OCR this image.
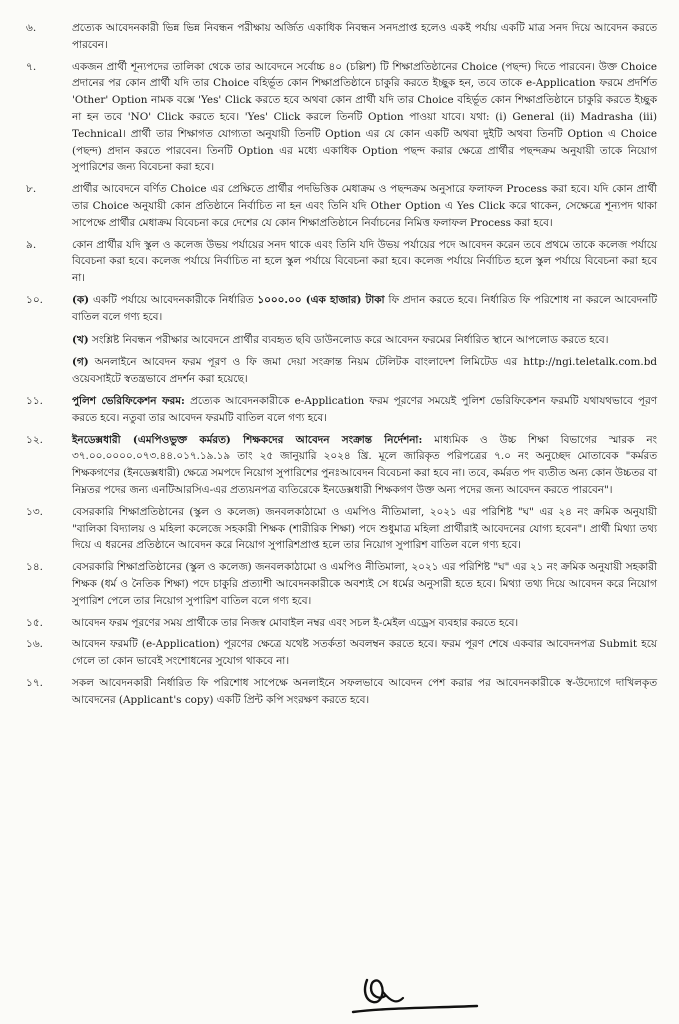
৬.	প্রত্যেক আবেদনকারী ভিন্ন ভিন্ন নিবন্ধন পরীক্ষায় অর্জিত একাধিক নিবন্ধন সনদপ্রাপ্ত হলেও একই পর্যায় একটি মাত্র সনদ দিয়ে আবেদন করতে পারবেন।
৭.	একজন প্রার্থী শূন্যপদের তালিকা থেকে তার আবেদনে সর্বোচ্চ ৪০ (চল্লিশ) টি শিক্ষাপ্রতিষ্ঠানের Choice (পছন্দ) দিতে পারবেন। উক্ত Choice প্রদানের পর কোন প্রার্থী যদি তার Choice বহির্ভূত কোন শিক্ষাপ্রতিষ্ঠানে চাকুরি করতে ইচ্ছুক হন, তবে তাকে e-Application ফরমে প্রদর্শিত 'Other' Option নামক বক্সে 'Yes' Click করতে হবে অথবা কোন প্রার্থী যদি তার Choice বহির্ভূত কোন শিক্ষাপ্রতিষ্ঠানে চাকুরি করতে ইচ্ছুক না হন তবে 'NO' Click করতে হবে। 'Yes' Click করলে তিনটি Option পাওয়া যাবে। যথা: (i) General (ii) Madrasha (iii) Technical। প্রার্থী তার শিক্ষাগত যোগ্যতা অনুযায়ী তিনটি Option এর যে কোন একটি অথবা দুইটি অথবা তিনটি Option এ Choice (পছন্দ) প্রদান করতে পারবেন। তিনটি Option এর মধ্যে একাধিক Option পছন্দ করার ক্ষেত্রে প্রার্থীর পছন্দক্রম অনুযায়ী তাকে নিয়োগ সুপারিশের জন্য বিবেচনা করা হবে।
৮.	প্রার্থীর আবেদনে বর্ণিত Choice এর প্রেক্ষিতে প্রার্থীর পদভিত্তিক মেধাক্রম ও পছন্দক্রম অনুসারে ফলাফল Process করা হবে। যদি কোন প্রার্থী তার Choice অনুযায়ী কোন প্রতিষ্ঠানে নির্বাচিত না হন এবং তিনি যদি Other Option এ Yes Click করে থাকেন, সেক্ষেত্রে শূন্যপদ থাকা সাপেক্ষে প্রার্থীর মেধাক্রম বিবেচনা করে দেশের যে কোন শিক্ষাপ্রতিষ্ঠানে নির্বাচনের নিমিত্ত ফলাফল Process করা হবে।
৯.	কোন প্রার্থীর যদি স্কুল ও কলেজ উভয় পর্যায়ের সনদ থাকে এবং তিনি যদি উভয় পর্যায়ের পদে আবেদন করেন তবে প্রথমে তাকে কলেজ পর্যায়ে বিবেচনা করা হবে। কলেজ পর্যায়ে নির্বাচিত না হলে স্কুল পর্যায়ে বিবেচনা করা হবে। কলেজ পর্যায়ে নির্বাচিত হলে স্কুল পর্যায়ে বিবেচনা করা হবে না।
১০.	(ক) একটি পর্যায়ে আবেদনকারীকে নির্ধারিত ১০০০.০০ (এক হাজার) টাকা ফি প্রদান করতে হবে। নির্ধারিত ফি পরিশোধ না করলে আবেদনটি বাতিল বলে গণ্য হবে।
(খ) সংশ্লিষ্ট নিবন্ধন পরীক্ষার আবেদনে প্রার্থীর ব্যবহৃত ছবি ডাউনলোড করে আবেদন ফরমের নির্ধারিত স্থানে আপলোড করতে হবে।
(গ) অনলাইনে আবেদন ফরম পূরণ ও ফি জমা দেয়া সংক্রান্ত নিয়ম টেলিটক বাংলাদেশ লিমিটেড এর http://ngi.teletalk.com.bd ওয়েবসাইটে স্বতন্ত্রভাবে প্রদর্শন করা হয়েছে।
১১.	পুলিশ ভেরিফিকেশন ফরম: প্রত্যেক আবেদনকারীকে e-Application ফরম পূরণের সময়েই পুলিশ ভেরিফিকেশন ফরমটি যথাযথভাবে পূরণ করতে হবে। নতুবা তার আবেদন ফরমটি বাতিল বলে গণ্য হবে।
১২.	ইনডেক্সধারী (এমপিওভুক্ত কর্মরত) শিক্ষকদের আবেদন সংক্রান্ত নির্দেশনা: মাধ্যমিক ও উচ্চ শিক্ষা বিভাগের স্মারক নং ৩৭.০০.০০০০.০৭৩.৪৪.০১৭.১৯.১৯ তাং ২৫ জানুয়ারি ২০২৪ খ্রি. মূলে জারিকৃত পরিপত্রের ৭.০ নং অনুচ্ছেদ মোতাবেক "কর্মরত শিক্ষকগণের (ইনডেক্সধারী) ক্ষেত্রে সমপদে নিয়োগ সুপারিশের পুনঃআবেদন বিবেচনা করা হবে না। তবে, কর্মরত পদ ব্যতীত অন্য কোন উচ্চতর বা নিম্নতর পদের জন্য এনটিআরসিএ-এর প্রত্যয়নপত্র ব্যতিরেকে ইনডেক্সধারী শিক্ষকগণ উক্ত অন্য পদের জন্য আবেদন করতে পারবেন"।
১৩.	বেসরকারি শিক্ষাপ্রতিষ্ঠানের (স্কুল ও কলেজ) জনবলকাঠামো ও এমপিও নীতিমালা, ২০২১ এর পরিশিষ্ট "ঘ" এর ২৪ নং ক্রমিক অনুযায়ী "বালিকা বিদ্যালয় ও মহিলা কলেজে সহকারী শিক্ষক (শারীরিক শিক্ষা) পদে শুধুমাত্র মহিলা প্রার্থীরাই আবেদনের যোগ্য হবেন"। প্রার্থী মিথ্যা তথ্য দিয়ে এ ধরনের প্রতিষ্ঠানে আবেদন করে নিয়োগ সুপারিশপ্রাপ্ত হলে তার নিয়োগ সুপারিশ বাতিল বলে গণ্য হবে।
১৪.	বেসরকারি শিক্ষাপ্রতিষ্ঠানের (স্কুল ও কলেজ) জনবলকাঠামো ও এমপিও নীতিমালা, ২০২১ এর পরিশিষ্ট "ঘ" এর ২১ নং ক্রমিক অনুযায়ী সহকারী শিক্ষক (ধর্ম ও নৈতিক শিক্ষা) পদে চাকুরি প্রত্যাশী আবেদনকারীকে অবশ্যই সে ধর্মের অনুসারী হতে হবে। মিথ্যা তথ্য দিয়ে আবেদন করে নিয়োগ সুপারিশ পেলে তার নিয়োগ সুপারিশ বাতিল বলে গণ্য হবে।
১৫.	আবেদন ফরম পূরণের সময় প্রার্থীকে তার নিজস্ব মোবাইল নম্বর এবং সচল ই-মেইল এড্রেস ব্যবহার করতে হবে।
১৬.	আবেদন ফরমটি (e-Application) পূরণের ক্ষেত্রে যথেষ্ট সতর্কতা অবলম্বন করতে হবে। ফরম পূরণ শেষে একবার আবেদনপত্র Submit হয়ে গেলে তা কোন ভাবেই সংশোধনের সুযোগ থাকবে না।
১৭.	সকল আবেদনকারী নির্ধারিত ফি পরিশোধ সাপেক্ষে অনলাইনে সফলভাবে আবেদন পেশ করার পর আবেদনকারীকে স্ব-উদ্যোগে দাখিলকৃত আবেদনের (Applicant's copy) একটি প্রিন্ট কপি সংরক্ষণ করতে হবে।
